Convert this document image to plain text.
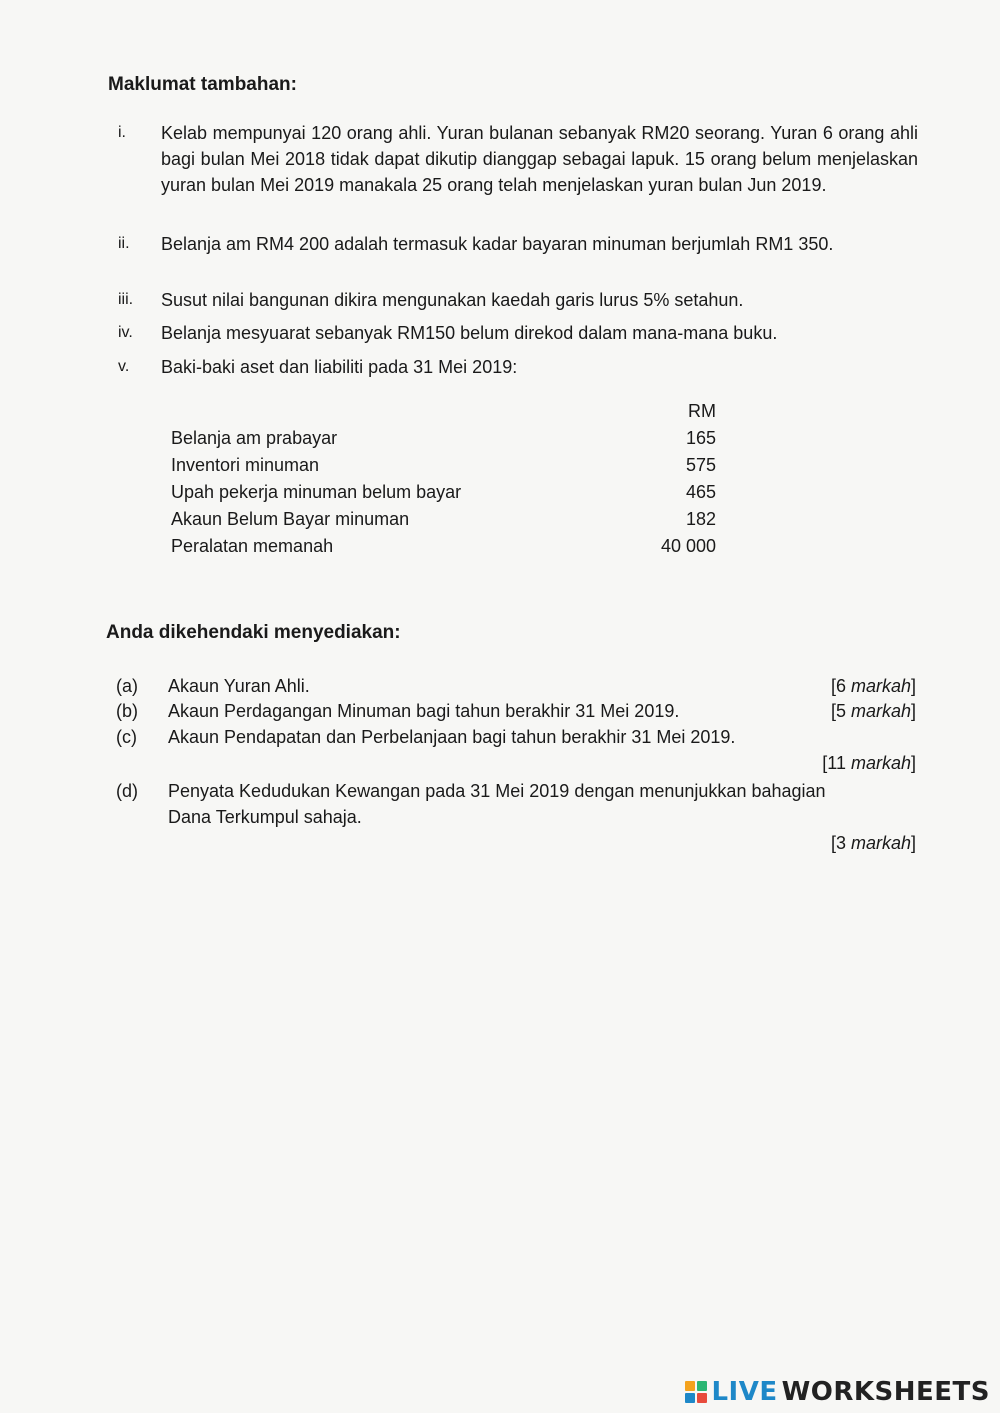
Maklumat tambahan:
i.	Kelab mempunyai 120 orang ahli. Yuran bulanan sebanyak RM20 seorang. Yuran 6 orang ahli bagi bulan Mei 2018 tidak dapat dikutip dianggap sebagai lapuk. 15 orang belum menjelaskan yuran bulan Mei 2019 manakala 25 orang telah menjelaskan yuran bulan Jun 2019.
ii.	Belanja am RM4 200 adalah termasuk kadar bayaran minuman berjumlah RM1 350.
iii.	Susut nilai bangunan dikira mengunakan kaedah garis lurus 5% setahun.
iv.	Belanja mesyuarat sebanyak RM150 belum direkod dalam mana-mana buku.
v.	Baki-baki aset dan liabiliti pada 31 Mei 2019:
RM
Belanja am prabayar	165
Inventori minuman	575
Upah pekerja minuman belum bayar	465
Akaun Belum Bayar minuman	182
Peralatan memanah	40 000
Anda dikehendaki menyediakan:
(a) Akaun Yuran Ahli.	[6 markah]
(b) Akaun Perdagangan Minuman bagi tahun berakhir 31 Mei 2019.	[5 markah]
(c) Akaun Pendapatan dan Perbelanjaan bagi tahun berakhir 31 Mei 2019.
[11 markah]
(d) Penyata Kedudukan Kewangan pada 31 Mei 2019 dengan menunjukkan bahagian Dana Terkumpul sahaja.
[3 markah]
LIVE WORKSHEETS
